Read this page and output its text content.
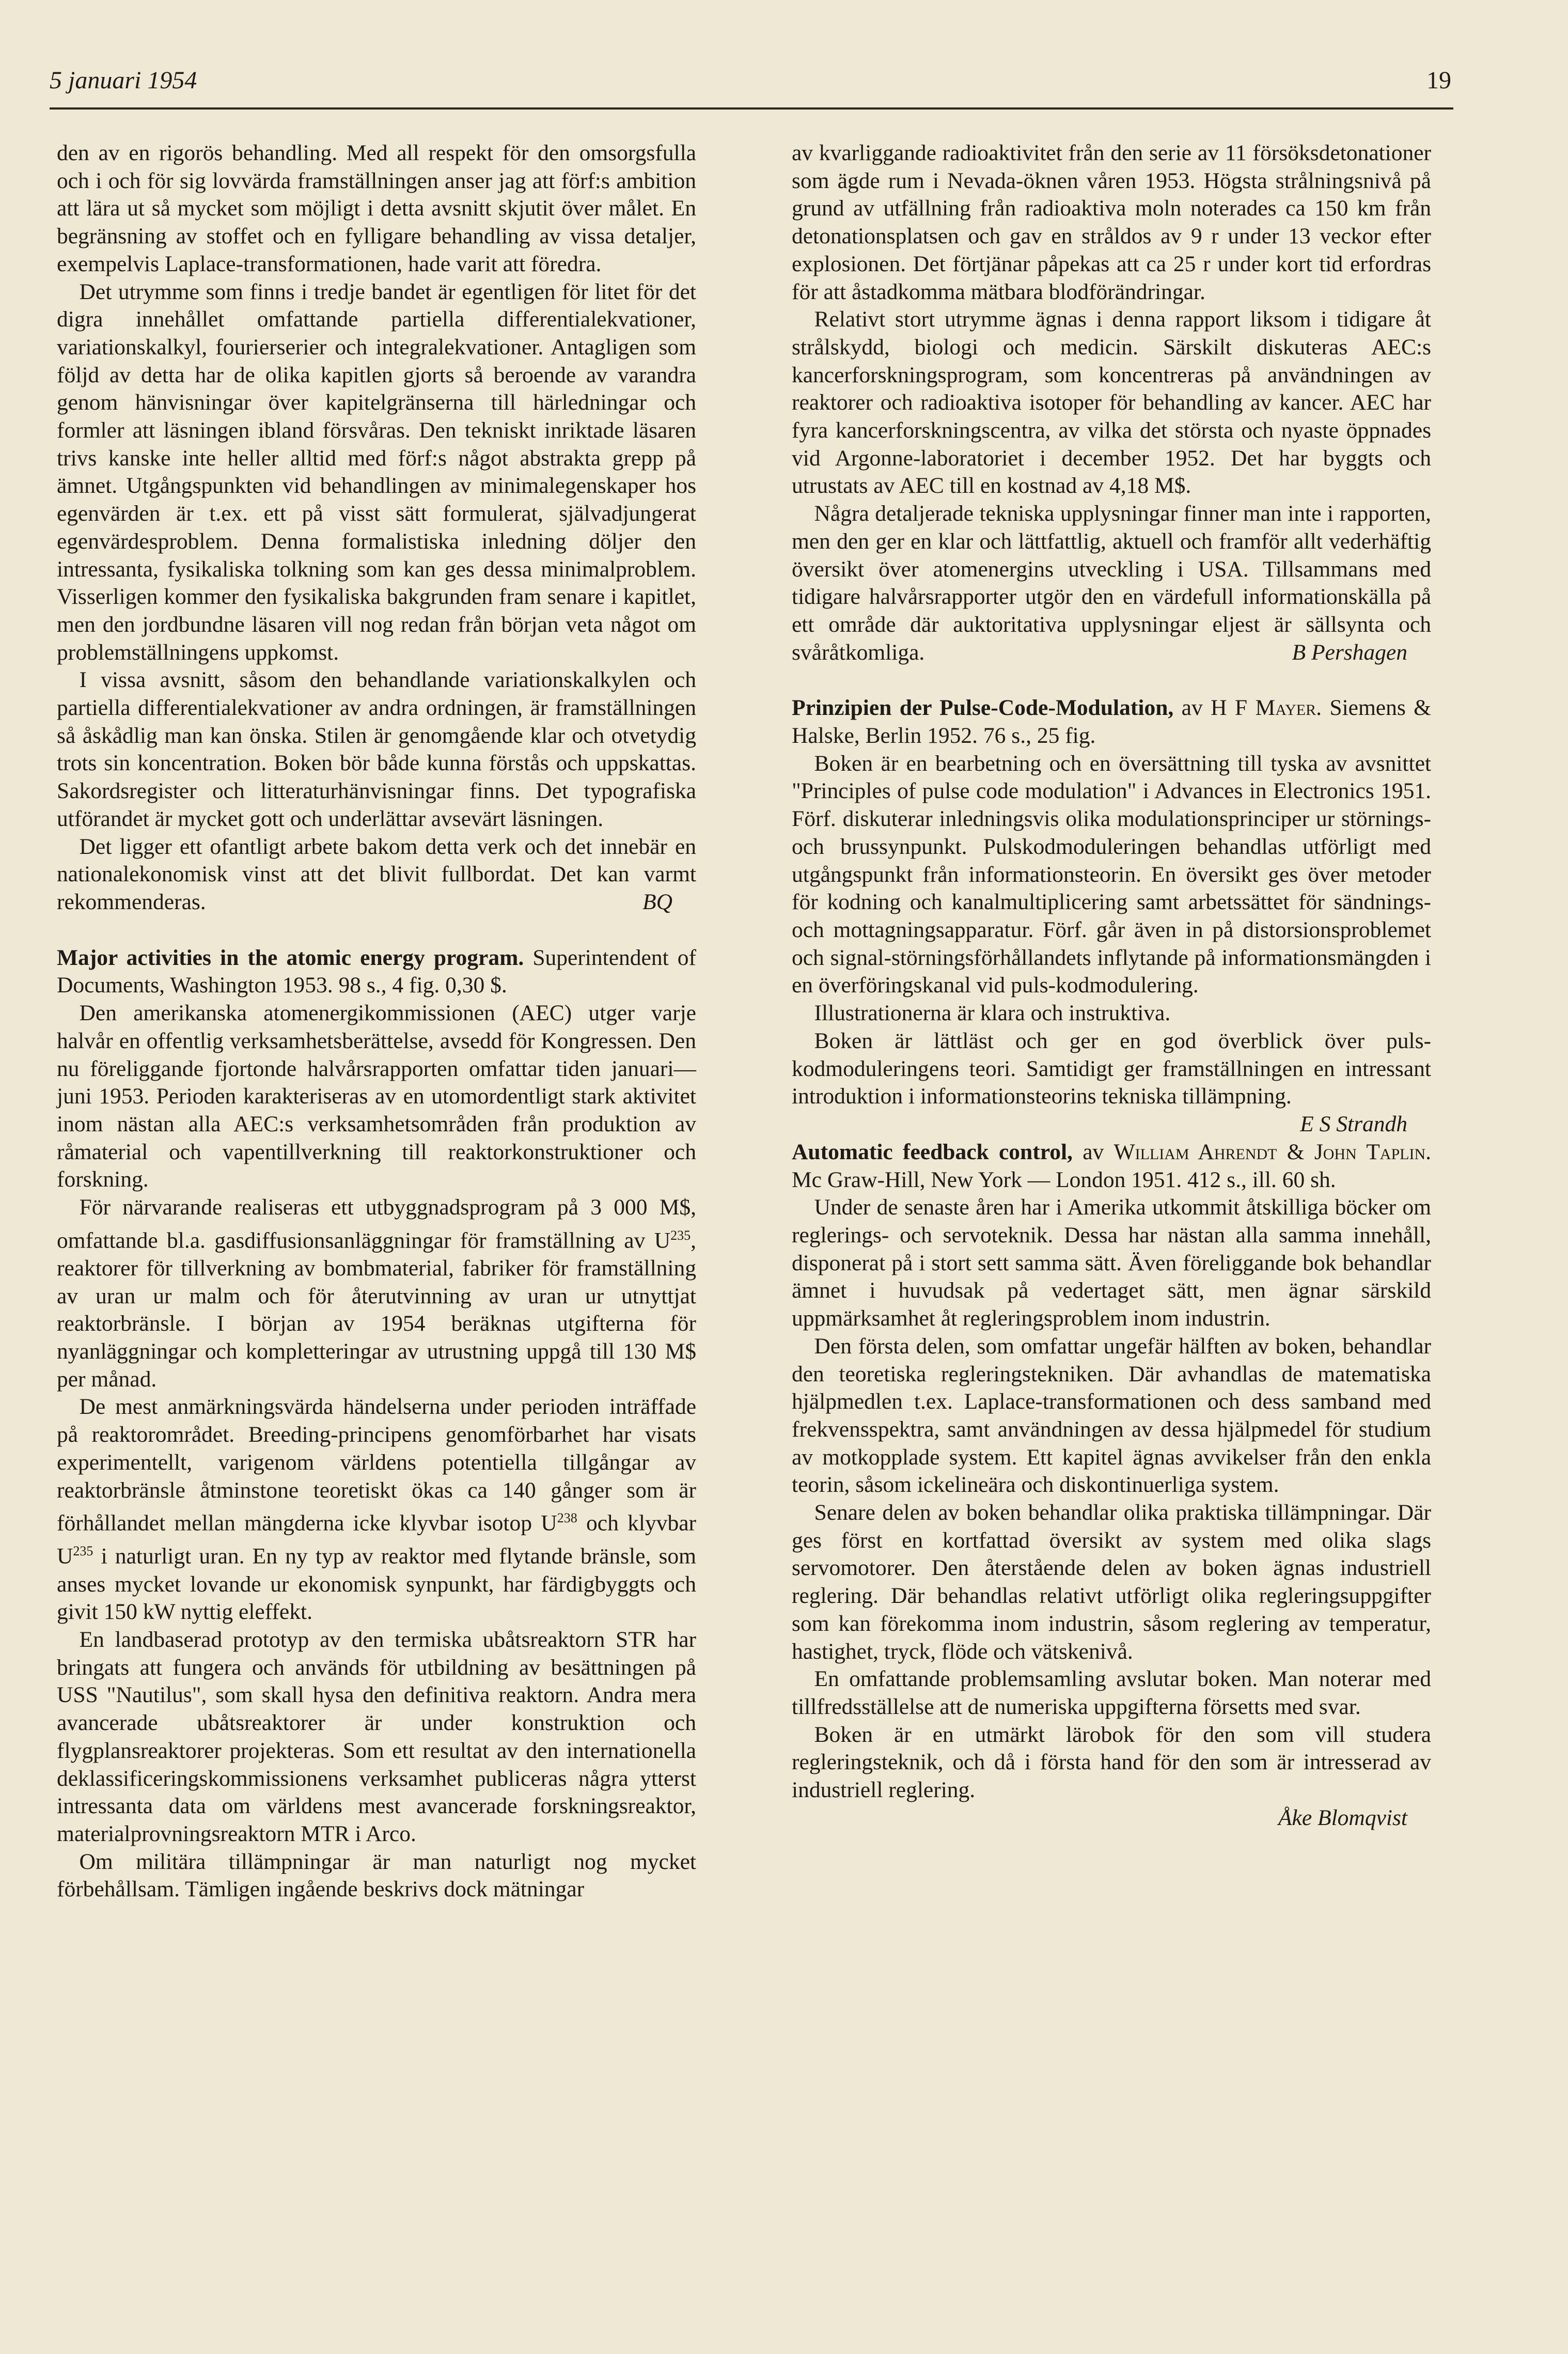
5 januari 1954	19

den av en rigorös behandling. Med all respekt för den omsorgsfulla och i och för sig lovvärda framställningen anser jag att förf:s ambition att lära ut så mycket som möjligt i detta avsnitt skjutit över målet. En begränsning av stoffet och en fylligare behandling av vissa detaljer, exempelvis Laplace-transformationen, hade varit att föredra.

Det utrymme som finns i tredje bandet är egentligen för litet för det digra innehållet omfattande partiella differentialekvationer, variationskalkyl, fourierserier och integralekvationer. Antagligen som följd av detta har de olika kapitlen gjorts så beroende av varandra genom hänvisningar över kapitelgränserna till härledningar och formler att läsningen ibland försvåras. Den tekniskt inriktade läsaren trivs kanske inte heller alltid med förf:s något abstrakta grepp på ämnet. Utgångspunkten vid behandlingen av minimalegenskaper hos egenvärden är t.ex. ett på visst sätt formulerat, självadjungerat egenvärdesproblem. Denna formalistiska inledning döljer den intressanta, fysikaliska tolkning som kan ges dessa minimalproblem. Visserligen kommer den fysikaliska bakgrunden fram senare i kapitlet, men den jordbundne läsaren vill nog redan från början veta något om problemställningens uppkomst.

I vissa avsnitt, såsom den behandlande variationskalkylen och partiella differentialekvationer av andra ordningen, är framställningen så åskådlig man kan önska. Stilen är genomgående klar och otvetydig trots sin koncentration. Boken bör både kunna förstås och uppskattas. Sakordsregister och litteraturhänvisningar finns. Det typografiska utförandet är mycket gott och underlättar avsevärt läsningen.

Det ligger ett ofantligt arbete bakom detta verk och det innebär en nationalekonomisk vinst att det blivit fullbordat. Det kan varmt rekommenderas.	BQ

Major activities in the atomic energy program. Superintendent of Documents, Washington 1953. 98 s., 4 fig. 0,30 $.

Den amerikanska atomenergikommissionen (AEC) utger varje halvår en offentlig verksamhetsberättelse, avsedd för Kongressen. Den nu föreliggande fjortonde halvårsrapporten omfattar tiden januari—juni 1953. Perioden karakteriseras av en utomordentligt stark aktivitet inom nästan alla AEC:s verksamhetsområden från produktion av råmaterial och vapentillverkning till reaktorkonstruktioner och forskning.

För närvarande realiseras ett utbyggnadsprogram på 3 000 M$, omfattande bl.a. gasdiffusionsanläggningar för framställning av $U^{235}$, reaktorer för tillverkning av bombmaterial, fabriker för framställning av uran ur malm och för återutvinning av uran ur utnyttjat reaktorbränsle. I början av 1954 beräknas utgifterna för nyanläggningar och kompletteringar av utrustning uppgå till 130 M$ per månad.

De mest anmärkningsvärda händelserna under perioden inträffade på reaktorområdet. Breeding-principens genomförbarhet har visats experimentellt, varigenom världens potentiella tillgångar av reaktorbränsle åtminstone teoretiskt ökas ca 140 gånger som är förhållandet mellan mängderna icke klyvbar isotop $U^{238}$ och klyvbar $U^{235}$ i naturligt uran. En ny typ av reaktor med flytande bränsle, som anses mycket lovande ur ekonomisk synpunkt, har färdigbyggts och givit 150 kW nyttig eleffekt.

En landbaserad prototyp av den termiska ubåtsreaktorn STR har bringats att fungera och används för utbildning av besättningen på USS "Nautilus", som skall hysa den definitiva reaktorn. Andra mera avancerade ubåtsreaktorer är under konstruktion och flygplansreaktorer projekteras. Som ett resultat av den internationella deklassificeringskommissionens verksamhet publiceras några ytterst intressanta data om världens mest avancerade forskningsreaktor, materialprovningsreaktorn MTR i Arco.

Om militära tillämpningar är man naturligt nog mycket förbehållsam. Tämligen ingående beskrivs dock mätningar

av kvarliggande radioaktivitet från den serie av 11 försöksdetonationer som ägde rum i Nevada-öknen våren 1953. Högsta strålningsnivå på grund av utfällning från radioaktiva moln noterades ca 150 km från detonationsplatsen och gav en stråldos av 9 r under 13 veckor efter explosionen. Det förtjänar påpekas att ca 25 r under kort tid erfordras för att åstadkomma mätbara blodförändringar.

Relativt stort utrymme ägnas i denna rapport liksom i tidigare åt strålskydd, biologi och medicin. Särskilt diskuteras AEC:s kancerforskningsprogram, som koncentreras på användningen av reaktorer och radioaktiva isotoper för behandling av kancer. AEC har fyra kancerforskningscentra, av vilka det största och nyaste öppnades vid Argonne-laboratoriet i december 1952. Det har byggts och utrustats av AEC till en kostnad av 4,18 M$.

Några detaljerade tekniska upplysningar finner man inte i rapporten, men den ger en klar och lättfattlig, aktuell och framför allt vederhäftig översikt över atomenergins utveckling i USA. Tillsammans med tidigare halvårsrapporter utgör den en värdefull informationskälla på ett område där auktoritativa upplysningar eljest är sällsynta och svåråtkomliga.	B Pershagen

Prinzipien der Pulse-Code-Modulation, av H F Mayer. Siemens & Halske, Berlin 1952. 76 s., 25 fig.

Boken är en bearbetning och en översättning till tyska av avsnittet "Principles of pulse code modulation" i Advances in Electronics 1951. Förf. diskuterar inledningsvis olika modulationsprinciper ur störnings- och brussynpunkt. Pulskodmoduleringen behandlas utförligt med utgångspunkt från informationsteorin. En översikt ges över metoder för kodning och kanalmultiplicering samt arbetssättet för sändnings- och mottagningsapparatur. Förf. går även in på distorsionsproblemet och signal-störningsförhållandets inflytande på informationsmängden i en överföringskanal vid puls-kodmodulering.

Illustrationerna är klara och instruktiva.

Boken är lättläst och ger en god överblick över puls-kodmoduleringens teori. Samtidigt ger framställningen en intressant introduktion i informationsteorins tekniska tillämpning.
E S Strandh

Automatic feedback control, av William Ahrendt & John Taplin. Mc Graw-Hill, New York — London 1951. 412 s., ill. 60 sh.

Under de senaste åren har i Amerika utkommit åtskilliga böcker om reglerings- och servoteknik. Dessa har nästan alla samma innehåll, disponerat på i stort sett samma sätt. Även föreliggande bok behandlar ämnet i huvudsak på vedertaget sätt, men ägnar särskild uppmärksamhet åt regleringsproblem inom industrin.

Den första delen, som omfattar ungefär hälften av boken, behandlar den teoretiska regleringstekniken. Där avhandlas de matematiska hjälpmedlen t.ex. Laplace-transformationen och dess samband med frekvensspektra, samt användningen av dessa hjälpmedel för studium av motkopplade system. Ett kapitel ägnas avvikelser från den enkla teorin, såsom ickelineära och diskontinuerliga system.

Senare delen av boken behandlar olika praktiska tillämpningar. Där ges först en kortfattad översikt av system med olika slags servomotorer. Den återstående delen av boken ägnas industriell reglering. Där behandlas relativt utförligt olika regleringsuppgifter som kan förekomma inom industrin, såsom reglering av temperatur, hastighet, tryck, flöde och vätskenivå.

En omfattande problemsamling avslutar boken. Man noterar med tillfredsställelse att de numeriska uppgifterna försetts med svar.

Boken är en utmärkt lärobok för den som vill studera regleringsteknik, och då i första hand för den som är intresserad av industriell reglering.

Åke Blomqvist
